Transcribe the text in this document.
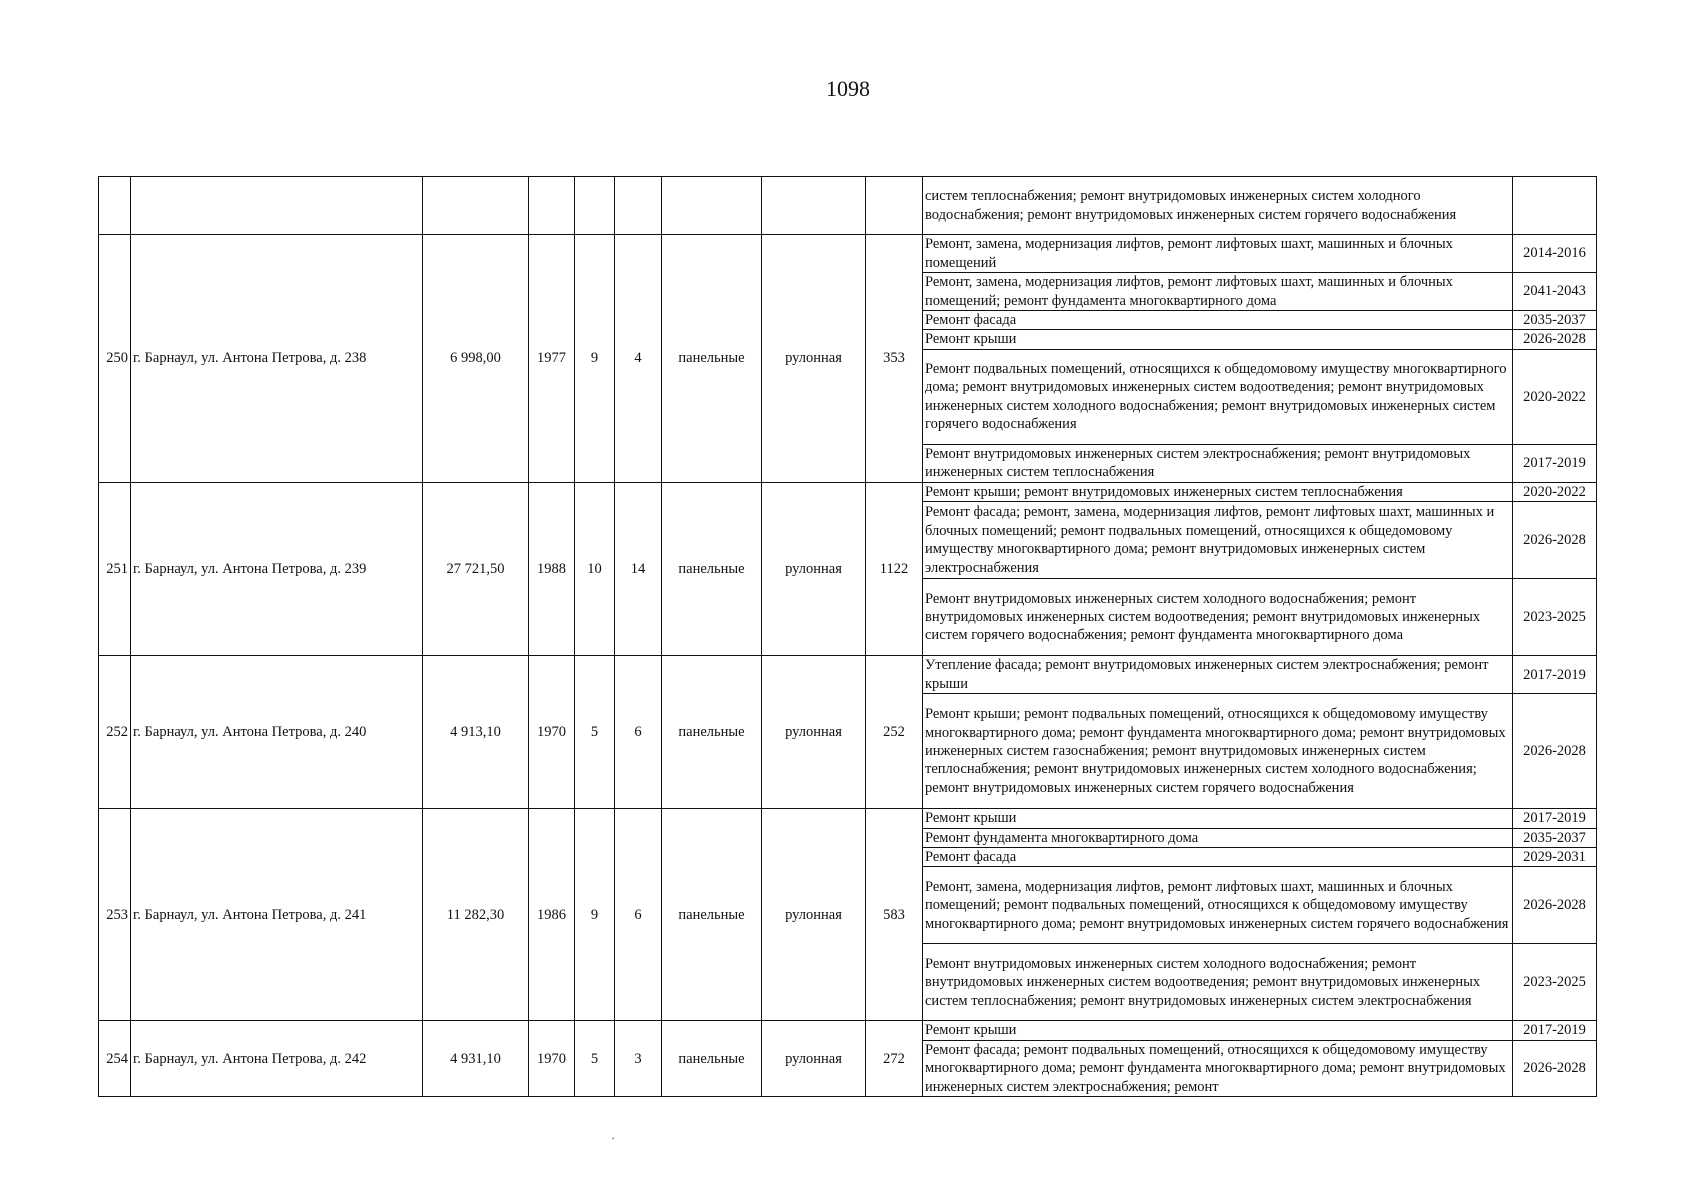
1098
									систем теплоснабжения; ремонт внутридомовых инженерных систем холодного водоснабжения; ремонт внутридомовых инженерных систем горячего водоснабжения	
250	г. Барнаул, ул. Антона Петрова, д. 238	6 998,00	1977	9	4	панельные	рулонная	353	Ремонт, замена, модернизация лифтов, ремонт лифтовых шахт, машинных и блочных помещений	2014-2016
									Ремонт, замена, модернизация лифтов, ремонт лифтовых шахт, машинных и блочных помещений; ремонт фундамента многоквартирного дома	2041-2043
									Ремонт фасада	2035-2037
									Ремонт крыши	2026-2028
									Ремонт подвальных помещений, относящихся к общедомовому имуществу многоквартирного дома; ремонт внутридомовых инженерных систем водоотведения; ремонт внутридомовых инженерных систем холодного водоснабжения; ремонт внутридомовых инженерных систем горячего водоснабжения	2020-2022
									Ремонт внутридомовых инженерных систем электроснабжения; ремонт внутридомовых инженерных систем теплоснабжения	2017-2019
251	г. Барнаул, ул. Антона Петрова, д. 239	27 721,50	1988	10	14	панельные	рулонная	1122	Ремонт крыши; ремонт внутридомовых инженерных систем теплоснабжения	2020-2022
									Ремонт фасада; ремонт, замена, модернизация лифтов, ремонт лифтовых шахт, машинных и блочных помещений; ремонт подвальных помещений, относящихся к общедомовому имуществу многоквартирного дома; ремонт внутридомовых инженерных систем электроснабжения	2026-2028
									Ремонт внутридомовых инженерных систем холодного водоснабжения; ремонт внутридомовых инженерных систем водоотведения; ремонт внутридомовых инженерных систем горячего водоснабжения; ремонт фундамента многоквартирного дома	2023-2025
252	г. Барнаул, ул. Антона Петрова, д. 240	4 913,10	1970	5	6	панельные	рулонная	252	Утепление фасада; ремонт внутридомовых инженерных систем электроснабжения; ремонт крыши	2017-2019
									Ремонт крыши; ремонт подвальных помещений, относящихся к общедомовому имуществу многоквартирного дома; ремонт фундамента многоквартирного дома; ремонт внутридомовых инженерных систем газоснабжения; ремонт внутридомовых инженерных систем теплоснабжения; ремонт внутридомовых инженерных систем холодного водоснабжения; ремонт внутридомовых инженерных систем горячего водоснабжения	2026-2028
253	г. Барнаул, ул. Антона Петрова, д. 241	11 282,30	1986	9	6	панельные	рулонная	583	Ремонт крыши	2017-2019
									Ремонт фундамента многоквартирного дома	2035-2037
									Ремонт фасада	2029-2031
									Ремонт, замена, модернизация лифтов, ремонт лифтовых шахт, машинных и блочных помещений; ремонт подвальных помещений, относящихся к общедомовому имуществу многоквартирного дома; ремонт внутридомовых инженерных систем горячего водоснабжения	2026-2028
									Ремонт внутридомовых инженерных систем холодного водоснабжения; ремонт внутридомовых инженерных систем водоотведения; ремонт внутридомовых инженерных систем теплоснабжения; ремонт внутридомовых инженерных систем электроснабжения	2023-2025
254	г. Барнаул, ул. Антона Петрова, д. 242	4 931,10	1970	5	3	панельные	рулонная	272	Ремонт крыши	2017-2019
									Ремонт фасада; ремонт подвальных помещений, относящихся к общедомовому имуществу многоквартирного дома; ремонт фундамента многоквартирного дома; ремонт внутридомовых инженерных систем электроснабжения; ремонт	2026-2028
´
